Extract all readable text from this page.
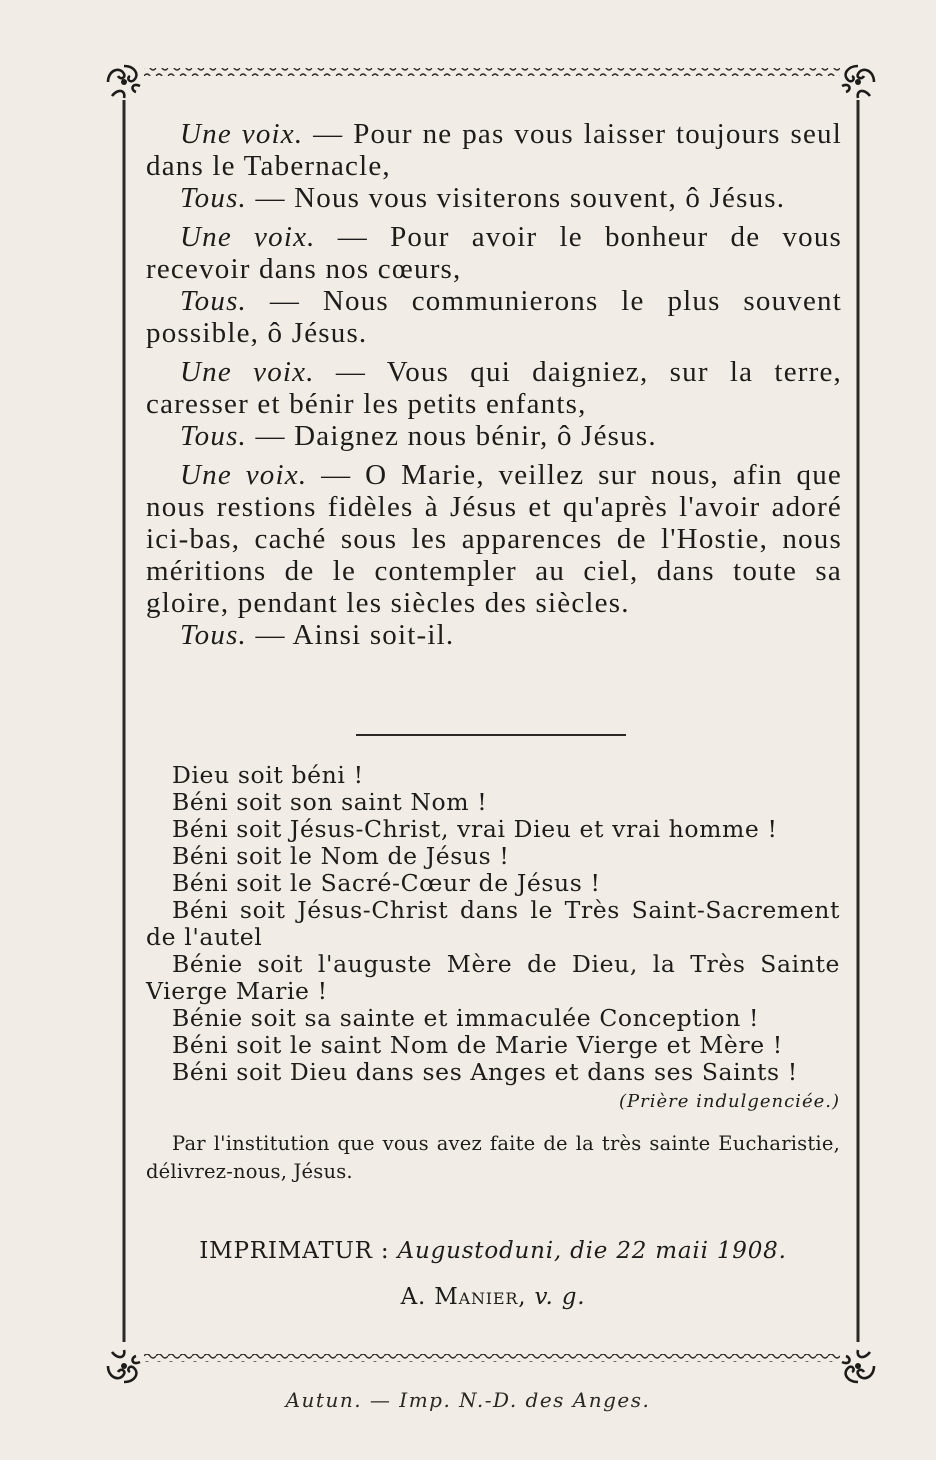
Une voix. — Pour ne pas vous laisser toujours seul dans le Tabernacle,

Tous. — Nous vous visiterons souvent, ô Jésus.

Une voix. — Pour avoir le bonheur de vous recevoir dans nos cœurs,

Tous. — Nous communierons le plus souvent possible, ô Jésus.

Une voix. — Vous qui daigniez, sur la terre, caresser et bénir les petits enfants,

Tous. — Daignez nous bénir, ô Jésus.

Une voix. — O Marie, veillez sur nous, afin que nous restions fidèles à Jésus et qu'après l'avoir adoré ici-bas, caché sous les apparences de l'Hostie, nous méritions de le contempler au ciel, dans toute sa gloire, pendant les siècles des siècles.

Tous. — Ainsi soit-il.

Dieu soit béni !

Béni soit son saint Nom !

Béni soit Jésus-Christ, vrai Dieu et vrai homme !

Béni soit le Nom de Jésus !

Béni soit le Sacré-Cœur de Jésus !

Béni soit Jésus-Christ dans le Très Saint-Sacrement de l'autel

Bénie soit l'auguste Mère de Dieu, la Très Sainte Vierge Marie !

Bénie soit sa sainte et immaculée Conception !

Béni soit le saint Nom de Marie Vierge et Mère !

Béni soit Dieu dans ses Anges et dans ses Saints !

(Prière indulgenciée.)

Par l'institution que vous avez faite de la très sainte Eucharistie, délivrez-nous, Jésus.

IMPRIMATUR : Augustoduni, die 22 maii 1908.
A. Manier, v. g.
Autun. — Imp. N.-D. des Anges.
